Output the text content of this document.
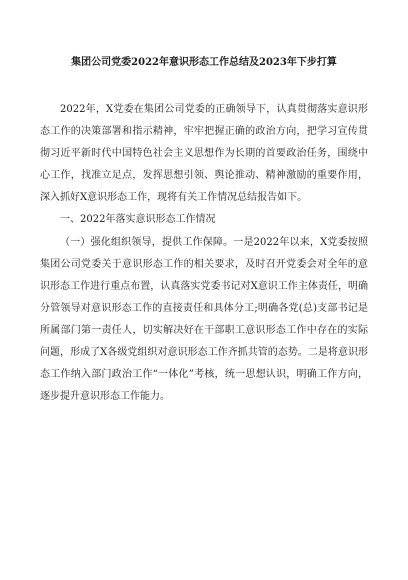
集团公司党委2022年意识形态工作总结及2023年下步打算

2022年，X党委在集团公司党委的正确领导下，认真贯彻落实意识形态工作的决策部署和指示精神，牢牢把握正确的政治方向，把学习宣传贯彻习近平新时代中国特色社会主义思想作为长期的首要政治任务，围绕中心工作，找准立足点，发挥思想引领、舆论推动、精神激励的重要作用，深入抓好X意识形态工作，现将有关工作情况总结报告如下。

一、2022年落实意识形态工作情况

（一）强化组织领导，提供工作保障。一是2022年以来，X党委按照集团公司党委关于意识形态工作的相关要求，及时召开党委会对全年的意识形态工作进行重点布置，认真落实党委书记对X意识工作主体责任，明确分管领导对意识形态工作的直接责任和具体分工;明确各党(总)支部书记是所属部门第一责任人，切实解决好在干部职工意识形态工作中存在的实际问题，形成了X各级党组织对意识形态工作齐抓共管的态势。二是将意识形态工作纳入部门政治工作“一体化”考核，统一思想认识，明确工作方向，逐步提升意识形态工作能力。
